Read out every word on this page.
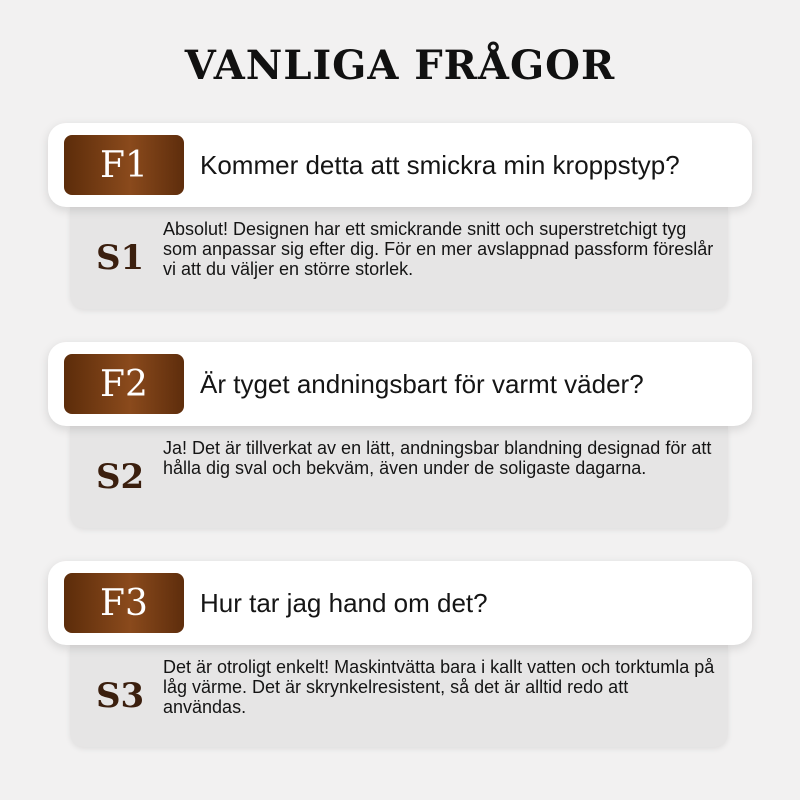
VANLIGA FRÅGOR
F1	Kommer detta att smickra min kroppstyp?
S1
Absolut! Designen har ett smickrande snitt och superstretchigt tyg som anpassar sig efter dig. För en mer avslappnad passform föreslår vi att du väljer en större storlek.
F2	Är tyget andningsbart för varmt väder?
S2
Ja! Det är tillverkat av en lätt, andningsbar blandning designad för att hålla dig sval och bekväm, även under de soligaste dagarna.
F3	Hur tar jag hand om det?
S3
Det är otroligt enkelt! Maskintvätta bara i kallt vatten och torktumla på låg värme. Det är skrynkelresistent, så det är alltid redo att användas.
